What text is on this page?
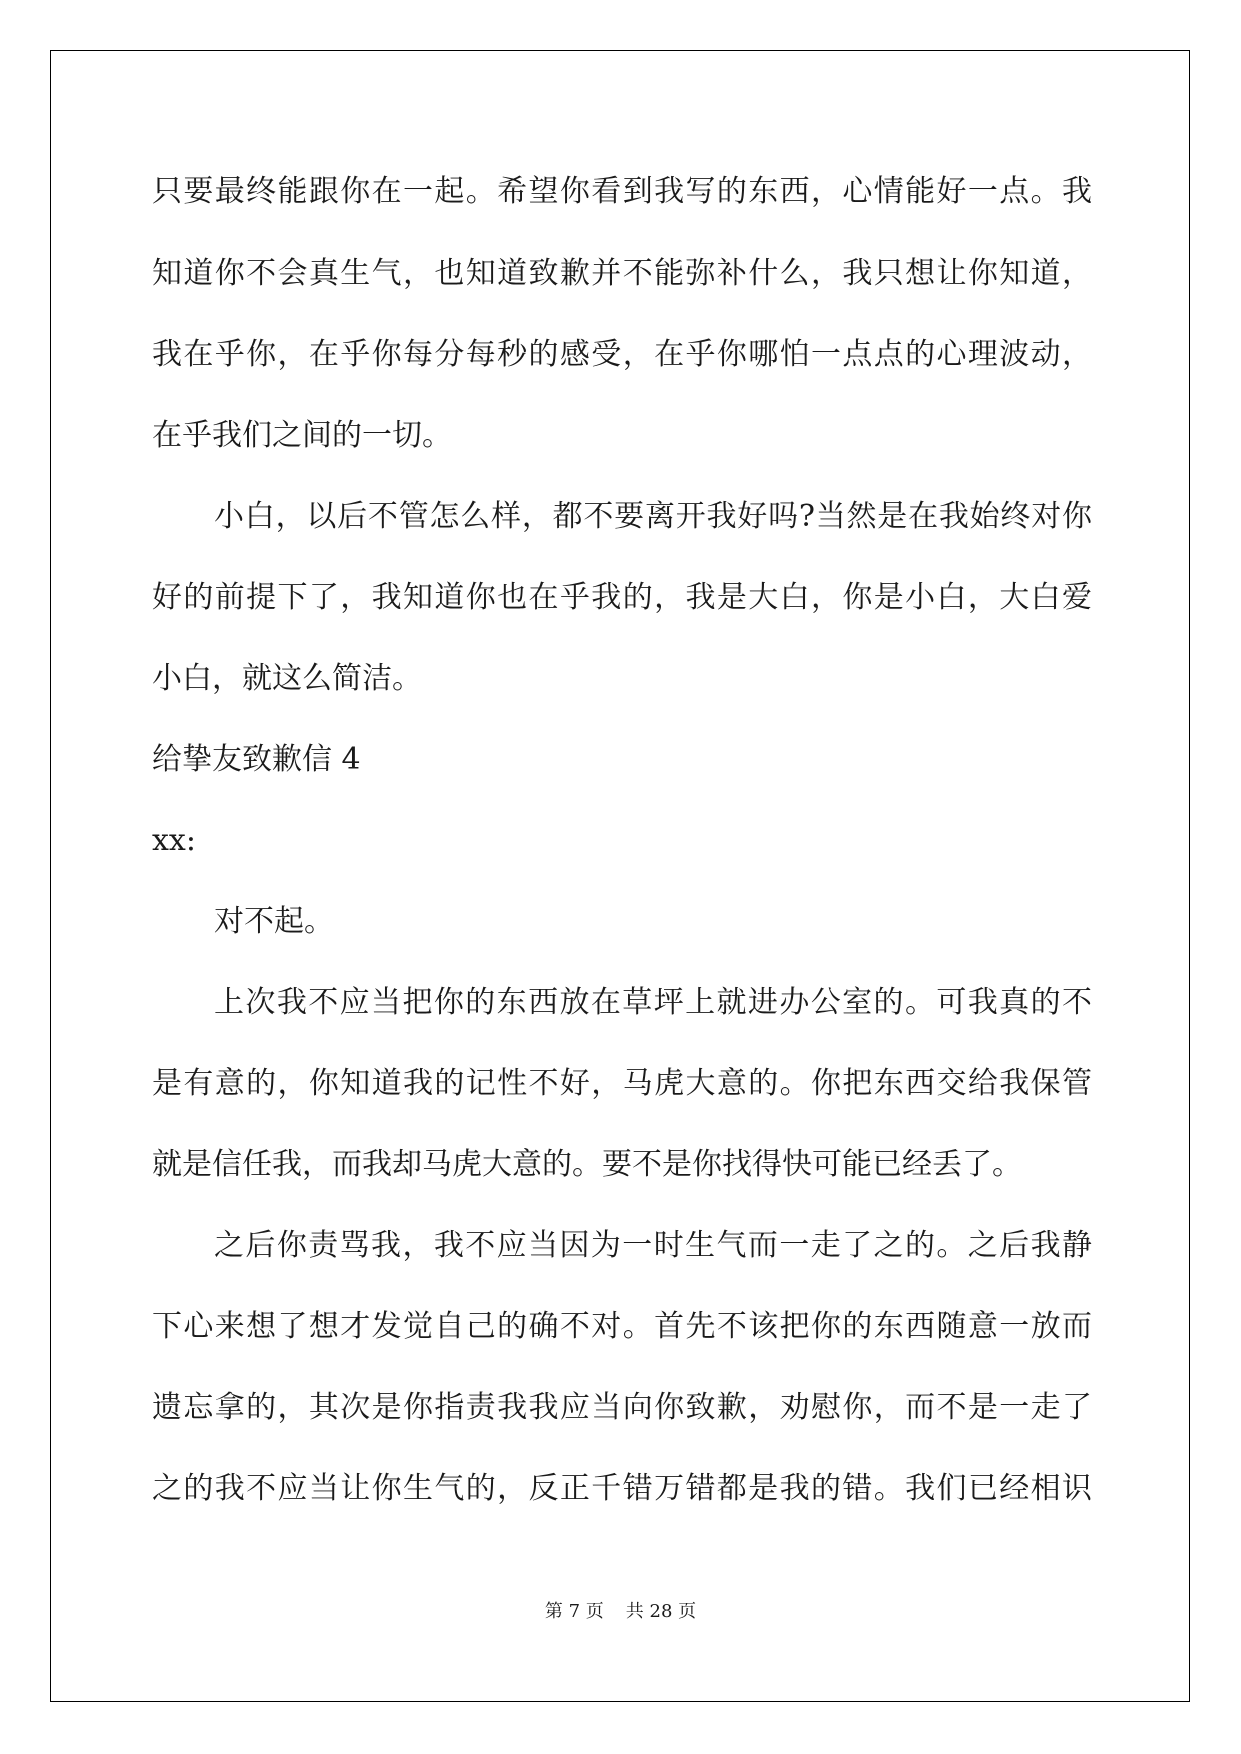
只要最终能跟你在一起。希望你看到我写的东西，心情能好一点。我
知道你不会真生气，也知道致歉并不能弥补什么，我只想让你知道，
我在乎你，在乎你每分每秒的感受，在乎你哪怕一点点的心理波动，
在乎我们之间的一切。
小白，以后不管怎么样，都不要离开我好吗?当然是在我始终对你
好的前提下了，我知道你也在乎我的，我是大白，你是小白，大白爱
小白，就这么简洁。
给挚友致歉信 4
xx:
对不起。
上次我不应当把你的东西放在草坪上就进办公室的。可我真的不
是有意的，你知道我的记性不好，马虎大意的。你把东西交给我保管
就是信任我，而我却马虎大意的。要不是你找得快可能已经丢了。
之后你责骂我，我不应当因为一时生气而一走了之的。之后我静
下心来想了想才发觉自己的确不对。首先不该把你的东西随意一放而
遗忘拿的，其次是你指责我我应当向你致歉，劝慰你，而不是一走了
之的我不应当让你生气的，反正千错万错都是我的错。我们已经相识
第 7 页 共 28 页
